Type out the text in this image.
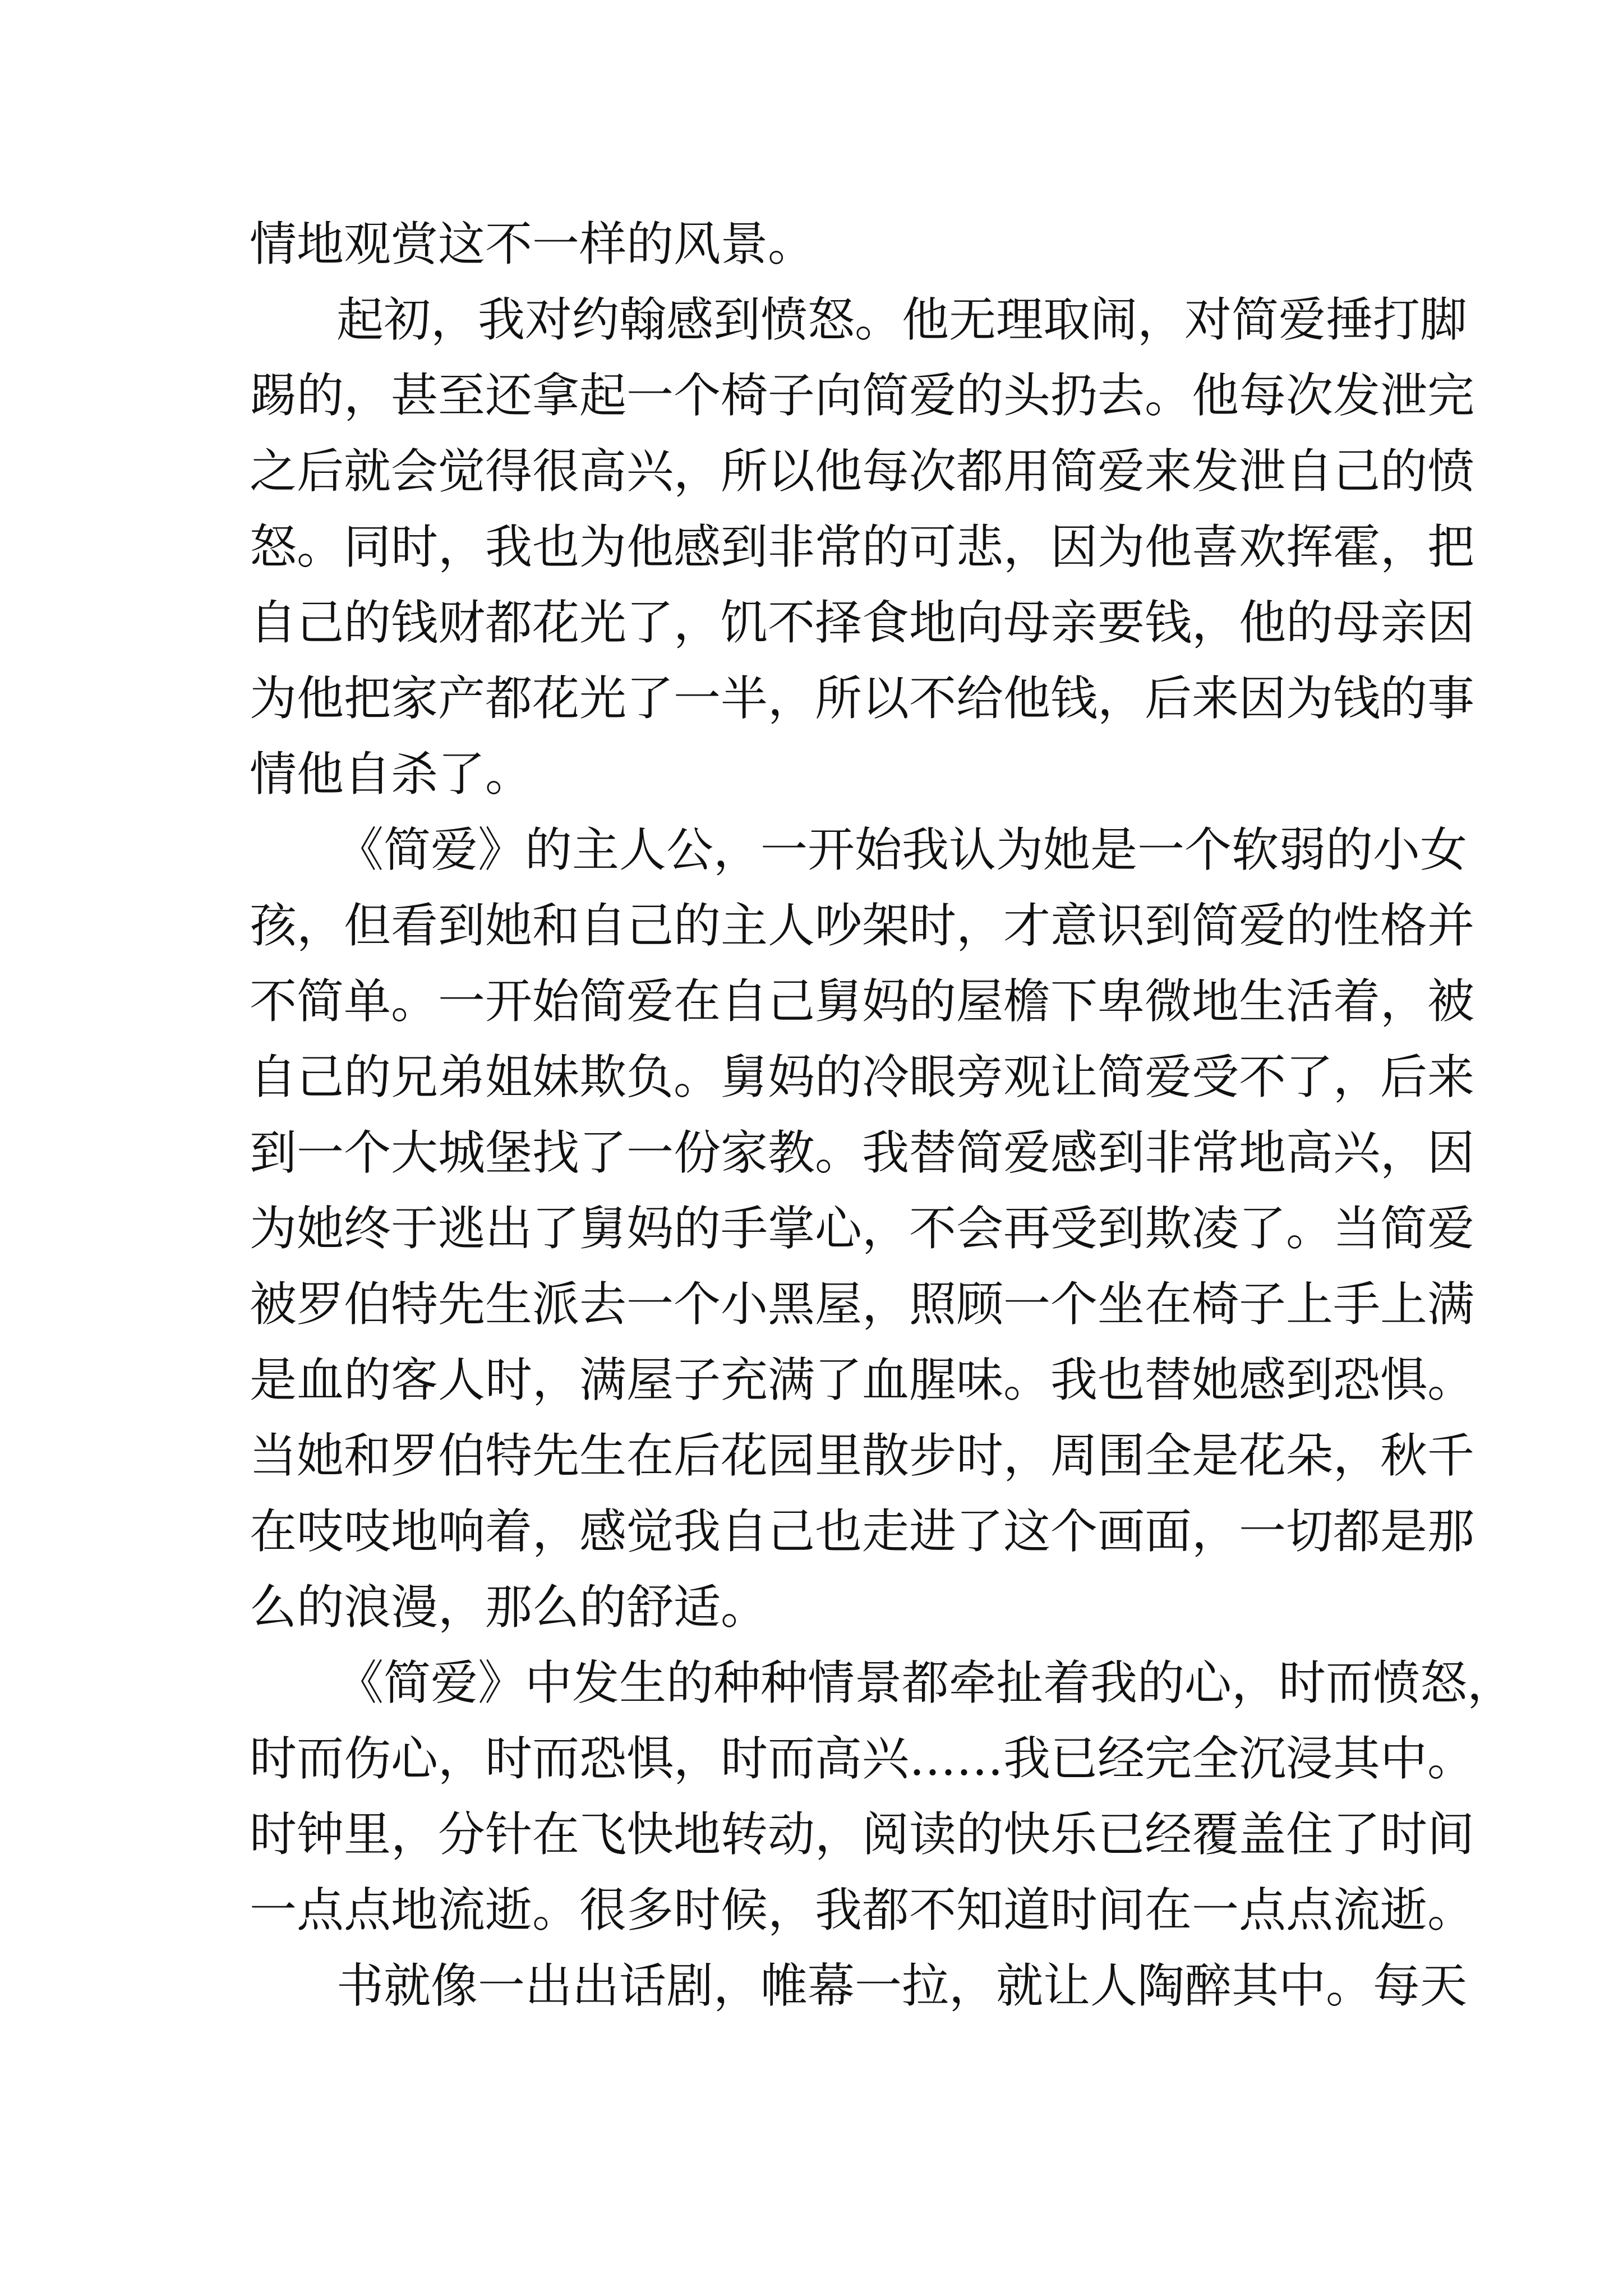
情地观赏这不一样的风景。

起初，我对约翰感到愤怒。他无理取闹，对简爱捶打脚

踢的，甚至还拿起一个椅子向简爱的头扔去。他每次发泄完

之后就会觉得很高兴，所以他每次都用简爱来发泄自己的愤

怒。同时，我也为他感到非常的可悲，因为他喜欢挥霍，把

自己的钱财都花光了，饥不择食地向母亲要钱，他的母亲因

为他把家产都花光了一半，所以不给他钱，后来因为钱的事

情他自杀了。

《简爱》的主人公，一开始我认为她是一个软弱的小女

孩，但看到她和自己的主人吵架时，才意识到简爱的性格并

不简单。一开始简爱在自己舅妈的屋檐下卑微地生活着，被

自己的兄弟姐妹欺负。舅妈的冷眼旁观让简爱受不了，后来

到一个大城堡找了一份家教。我替简爱感到非常地高兴，因

为她终于逃出了舅妈的手掌心，不会再受到欺凌了。当简爱

被罗伯特先生派去一个小黑屋，照顾一个坐在椅子上手上满

是血的客人时，满屋子充满了血腥味。我也替她感到恐惧。

当她和罗伯特先生在后花园里散步时，周围全是花朵，秋千

在吱吱地响着，感觉我自己也走进了这个画面，一切都是那

么的浪漫，那么的舒适。

《简爱》中发生的种种情景都牵扯着我的心，时而愤怒，

时而伤心，时而恐惧，时而高兴……我已经完全沉浸其中。

时钟里，分针在飞快地转动，阅读的快乐已经覆盖住了时间

一点点地流逝。很多时候，我都不知道时间在一点点流逝。

书就像一出出话剧，帷幕一拉，就让人陶醉其中。每天
